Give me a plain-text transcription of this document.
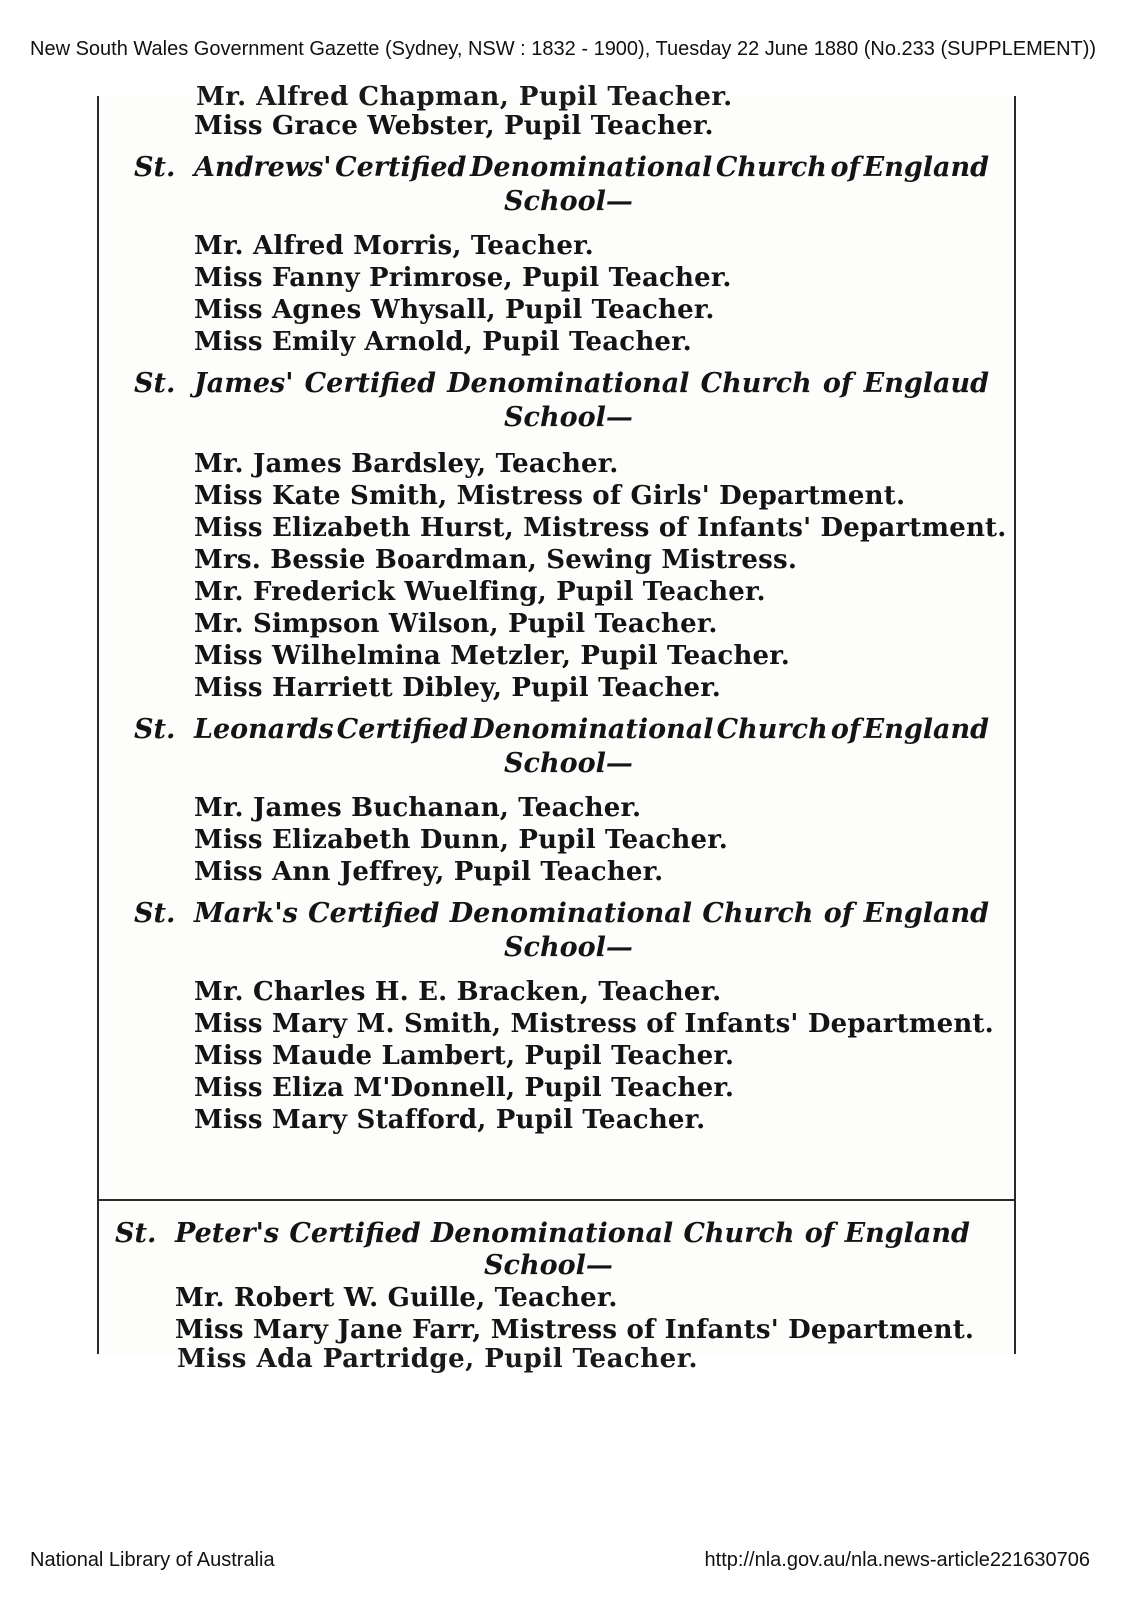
New South Wales Government Gazette (Sydney, NSW : 1832 - 1900), Tuesday 22 June 1880 (No.233 (SUPPLEMENT))
Mr. Alfred Chapman, Pupil Teacher.
Miss Grace Webster, Pupil Teacher.
St. Andrews' Certified Denominational Church of England
School—
Mr. Alfred Morris, Teacher.
Miss Fanny Primrose, Pupil Teacher.
Miss Agnes Whysall, Pupil Teacher.
Miss Emily Arnold, Pupil Teacher.
St. James' Certified Denominational Church of Englaud
School—
Mr. James Bardsley, Teacher.
Miss Kate Smith, Mistress of Girls' Department.
Miss Elizabeth Hurst, Mistress of Infants' Department.
Mrs. Bessie Boardman, Sewing Mistress.
Mr. Frederick Wuelfing, Pupil Teacher.
Mr. Simpson Wilson, Pupil Teacher.
Miss Wilhelmina Metzler, Pupil Teacher.
Miss Harriett Dibley, Pupil Teacher.
St. Leonards Certified Denominational Church of England
School—
Mr. James Buchanan, Teacher.
Miss Elizabeth Dunn, Pupil Teacher.
Miss Ann Jeffrey, Pupil Teacher.
St. Mark's Certified Denominational Church of England
School—
Mr. Charles H. E. Bracken, Teacher.
Miss Mary M. Smith, Mistress of Infants' Department.
Miss Maude Lambert, Pupil Teacher.
Miss Eliza M'Donnell, Pupil Teacher.
Miss Mary Stafford, Pupil Teacher.
St. Peter's Certified Denominational Church of England
School—
Mr. Robert W. Guille, Teacher.
Miss Mary Jane Farr, Mistress of Infants' Department.
Miss Ada Partridge, Pupil Teacher.
National Library of Australia	http://nla.gov.au/nla.news-article221630706
